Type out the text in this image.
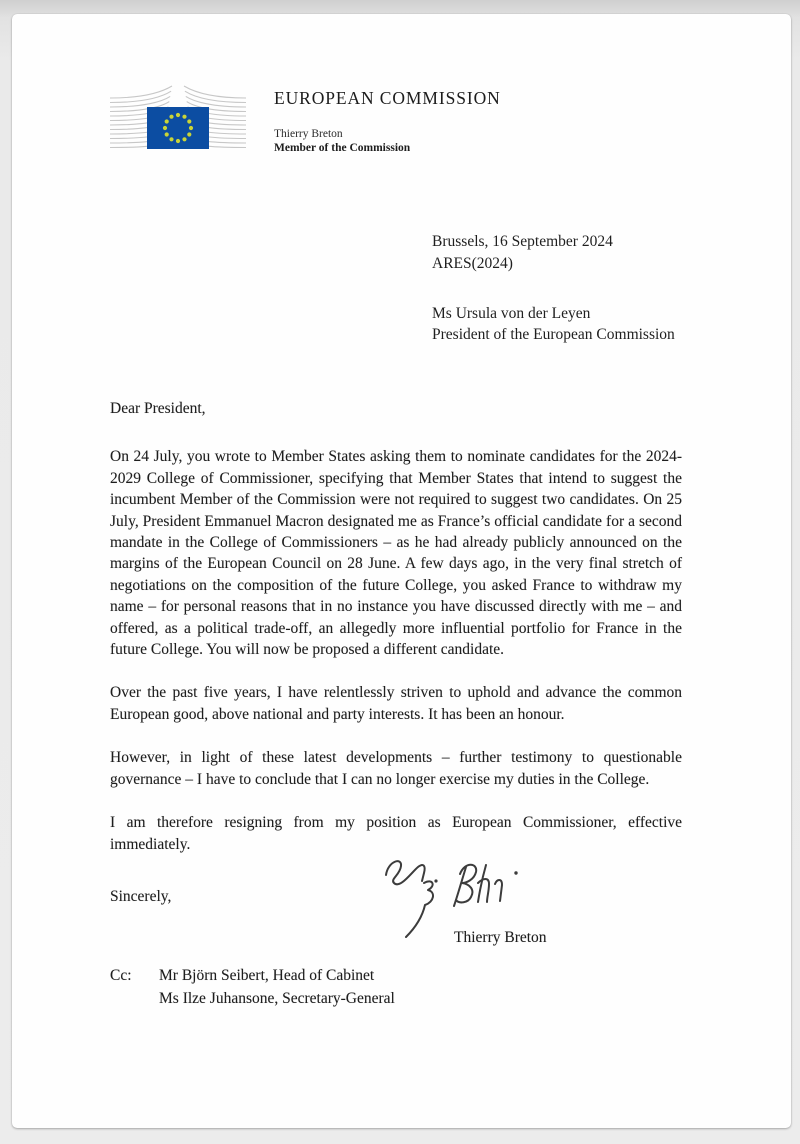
EUROPEAN COMMISSION
Thierry Breton
Member of the Commission
Brussels, 16 September 2024
ARES(2024)
Ms Ursula von der Leyen
President of the European Commission
Dear President,

On 24 July, you wrote to Member States asking them to nominate candidates for the 2024-2029 College of Commissioner, specifying that Member States that intend to suggest the incumbent Member of the Commission were not required to suggest two candidates. On 25 July, President Emmanuel Macron designated me as France’s official candidate for a second mandate in the College of Commissioners – as he had already publicly announced on the margins of the European Council on 28 June. A few days ago, in the very final stretch of negotiations on the composition of the future College, you asked France to withdraw my name – for personal reasons that in no instance you have discussed directly with me – and offered, as a political trade-off, an allegedly more influential portfolio for France in the future College. You will now be proposed a different candidate.

Over the past five years, I have relentlessly striven to uphold and advance the common European good, above national and party interests. It has been an honour.

However, in light of these latest developments – further testimony to questionable governance – I have to conclude that I can no longer exercise my duties in the College.

I am therefore resigning from my position as European Commissioner, effective immediately.

Sincerely,
Thierry Breton
Cc:	Mr Björn Seibert, Head of Cabinet
Ms Ilze Juhansone, Secretary-General
